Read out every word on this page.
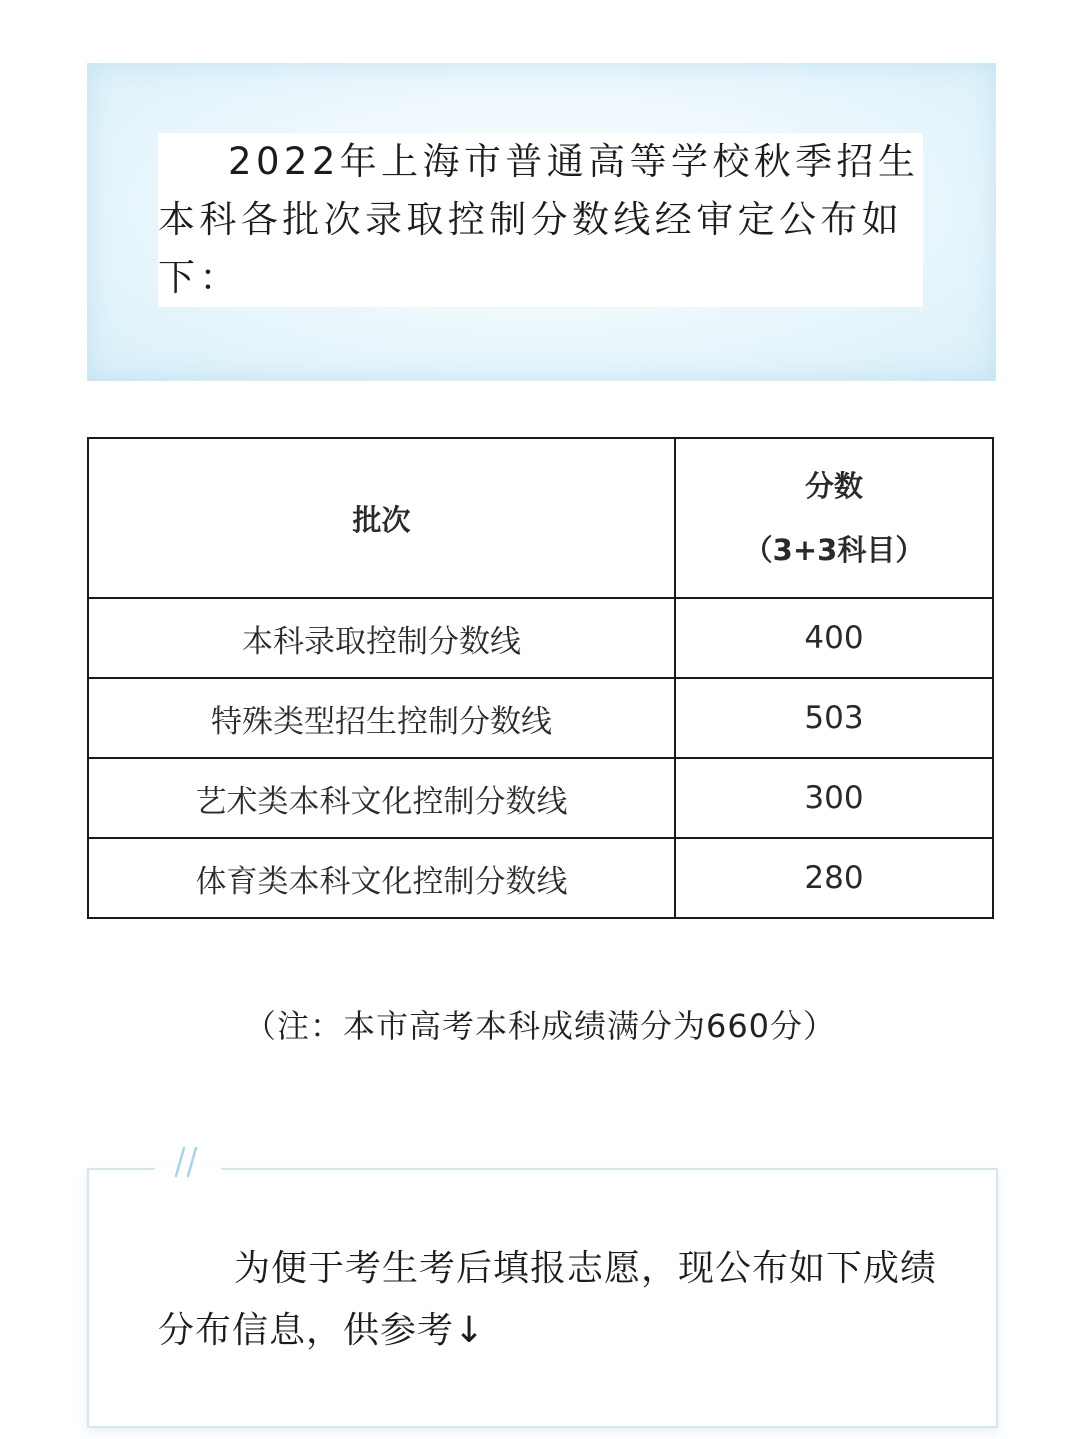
2022年上海市普通高等学校秋季招生本科各批次录取控制分数线经审定公布如下：

批次	分数
（3+3科目）

本科录取控制分数线	400
特殊类型招生控制分数线	503
艺术类本科文化控制分数线	300
体育类本科文化控制分数线	280
（注：本市高考本科成绩满分为660分）

为便于考生考后填报志愿，现公布如下成绩分布信息，供参考↓
